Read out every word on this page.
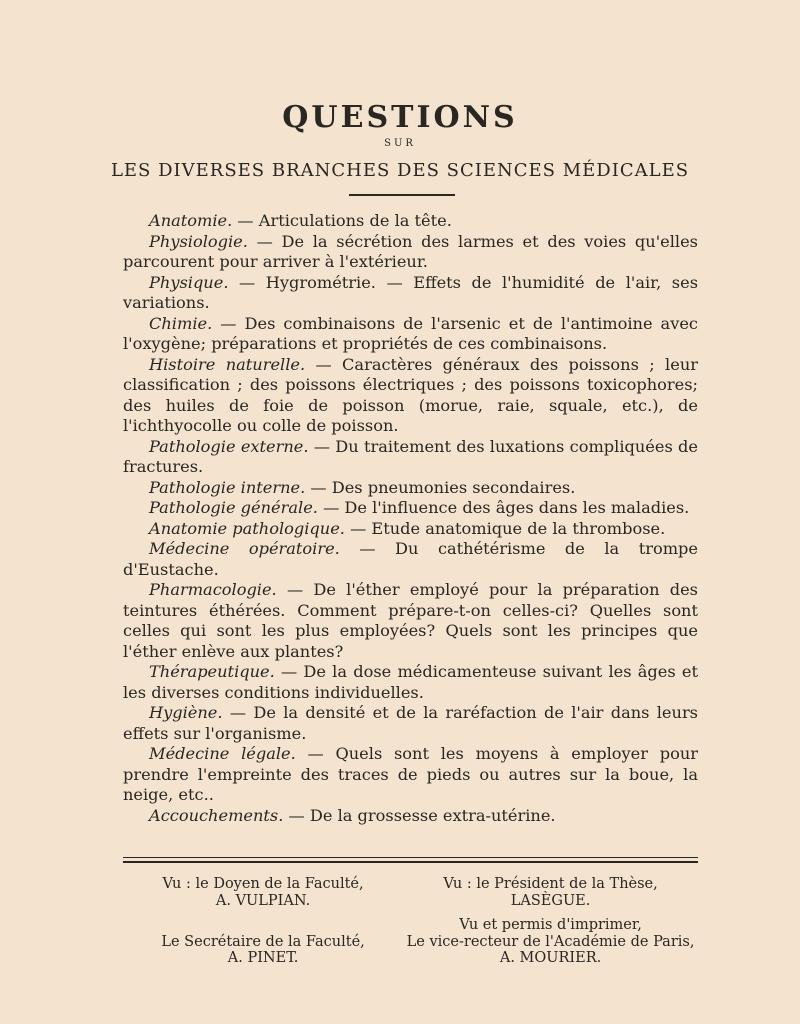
QUESTIONS
SUR
LES DIVERSES BRANCHES DES SCIENCES MÉDICALES

Anatomie. — Articulations de la tête.

Physiologie. — De la sécrétion des larmes et des voies qu'elles parcourent pour arriver à l'extérieur.

Physique. — Hygrométrie. — Effets de l'humidité de l'air, ses variations.

Chimie. — Des combinaisons de l'arsenic et de l'antimoine avec l'oxygène; préparations et propriétés de ces combinaisons.

Histoire naturelle. — Caractères généraux des poissons ; leur classification ; des poissons électriques ; des poissons toxicophores; des huiles de foie de poisson (morue, raie, squale, etc.), de l'ichthyocolle ou colle de poisson.

Pathologie externe. — Du traitement des luxations compliquées de fractures.

Pathologie interne. — Des pneumonies secondaires.

Pathologie générale. — De l'influence des âges dans les maladies.

Anatomie pathologique. — Etude anatomique de la thrombose.

Médecine opératoire. — Du cathétérisme de la trompe d'Eustache.

Pharmacologie. — De l'éther employé pour la préparation des teintures éthérées. Comment prépare-t-on celles-ci? Quelles sont celles qui sont les plus employées? Quels sont les principes que l'éther enlève aux plantes?

Thérapeutique. — De la dose médicamenteuse suivant les âges et les diverses conditions individuelles.

Hygiène. — De la densité et de la raréfaction de l'air dans leurs effets sur l'organisme.

Médecine légale. — Quels sont les moyens à employer pour prendre l'empreinte des traces de pieds ou autres sur la boue, la neige, etc..

Accouchements. — De la grossesse extra-utérine.

Vu : le Doyen de la Faculté,
A. VULPIAN.
Vu : le Président de la Thèse,
LASÈGUE.

Le Secrétaire de la Faculté,
A. PINET.
Vu et permis d'imprimer,
Le vice-recteur de l'Académie de Paris,
A. MOURIER.
